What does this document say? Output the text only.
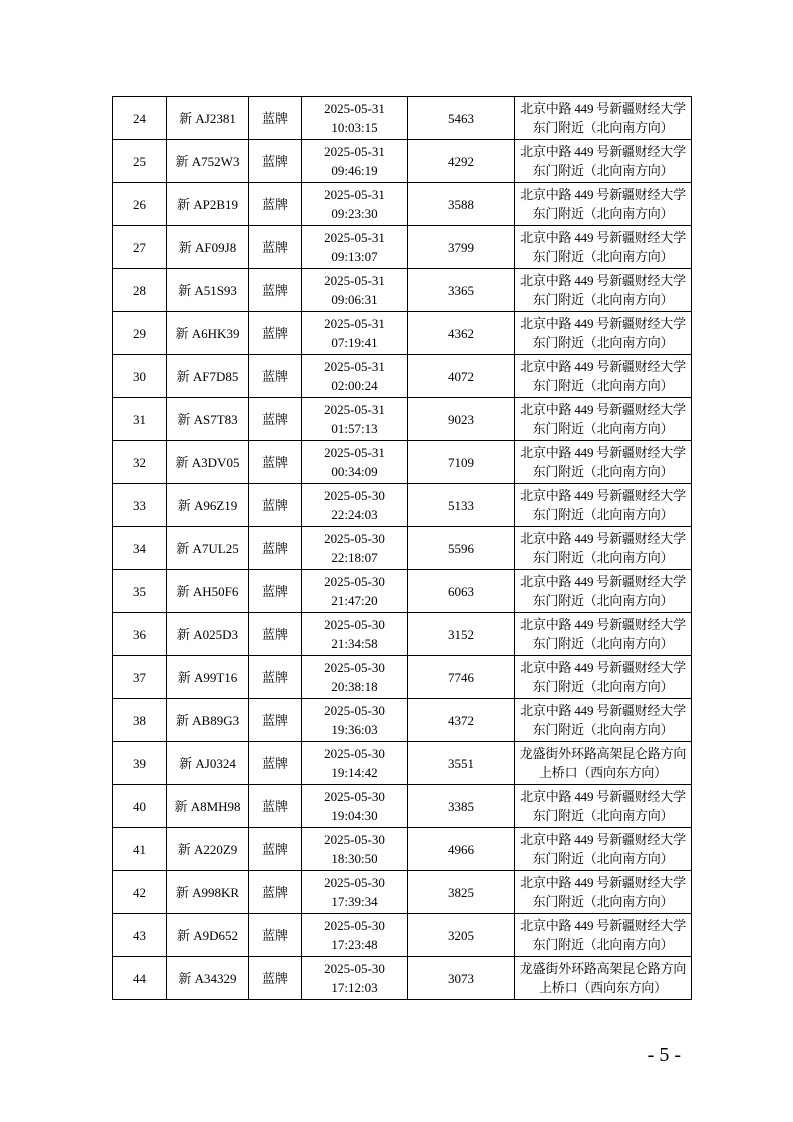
24	新 AJ2381	蓝牌	2025-05-31
10:03:15	5463	北京中路 449 号新疆财经大学
东门附近（北向南方向）

25	新 A752W3	蓝牌	2025-05-31
09:46:19	4292	北京中路 449 号新疆财经大学
东门附近（北向南方向）

26	新 AP2B19	蓝牌	2025-05-31
09:23:30	3588	北京中路 449 号新疆财经大学
东门附近（北向南方向）

27	新 AF09J8	蓝牌	2025-05-31
09:13:07	3799	北京中路 449 号新疆财经大学
东门附近（北向南方向）

28	新 A51S93	蓝牌	2025-05-31
09:06:31	3365	北京中路 449 号新疆财经大学
东门附近（北向南方向）

29	新 A6HK39	蓝牌	2025-05-31
07:19:41	4362	北京中路 449 号新疆财经大学
东门附近（北向南方向）

30	新 AF7D85	蓝牌	2025-05-31
02:00:24	4072	北京中路 449 号新疆财经大学
东门附近（北向南方向）

31	新 AS7T83	蓝牌	2025-05-31
01:57:13	9023	北京中路 449 号新疆财经大学
东门附近（北向南方向）

32	新 A3DV05	蓝牌	2025-05-31
00:34:09	7109	北京中路 449 号新疆财经大学
东门附近（北向南方向）

33	新 A96Z19	蓝牌	2025-05-30
22:24:03	5133	北京中路 449 号新疆财经大学
东门附近（北向南方向）

34	新 A7UL25	蓝牌	2025-05-30
22:18:07	5596	北京中路 449 号新疆财经大学
东门附近（北向南方向）

35	新 AH50F6	蓝牌	2025-05-30
21:47:20	6063	北京中路 449 号新疆财经大学
东门附近（北向南方向）

36	新 A025D3	蓝牌	2025-05-30
21:34:58	3152	北京中路 449 号新疆财经大学
东门附近（北向南方向）

37	新 A99T16	蓝牌	2025-05-30
20:38:18	7746	北京中路 449 号新疆财经大学
东门附近（北向南方向）

38	新 AB89G3	蓝牌	2025-05-30
19:36:03	4372	北京中路 449 号新疆财经大学
东门附近（北向南方向）

39	新 AJ0324	蓝牌	2025-05-30
19:14:42	3551	龙盛街外环路高架昆仑路方向
上桥口（西向东方向）

40	新 A8MH98	蓝牌	2025-05-30
19:04:30	3385	北京中路 449 号新疆财经大学
东门附近（北向南方向）

41	新 A220Z9	蓝牌	2025-05-30
18:30:50	4966	北京中路 449 号新疆财经大学
东门附近（北向南方向）

42	新 A998KR	蓝牌	2025-05-30
17:39:34	3825	北京中路 449 号新疆财经大学
东门附近（北向南方向）

43	新 A9D652	蓝牌	2025-05-30
17:23:48	3205	北京中路 449 号新疆财经大学
东门附近（北向南方向）

44	新 A34329	蓝牌	2025-05-30
17:12:03	3073	龙盛街外环路高架昆仑路方向
上桥口（西向东方向）
- 5 -
